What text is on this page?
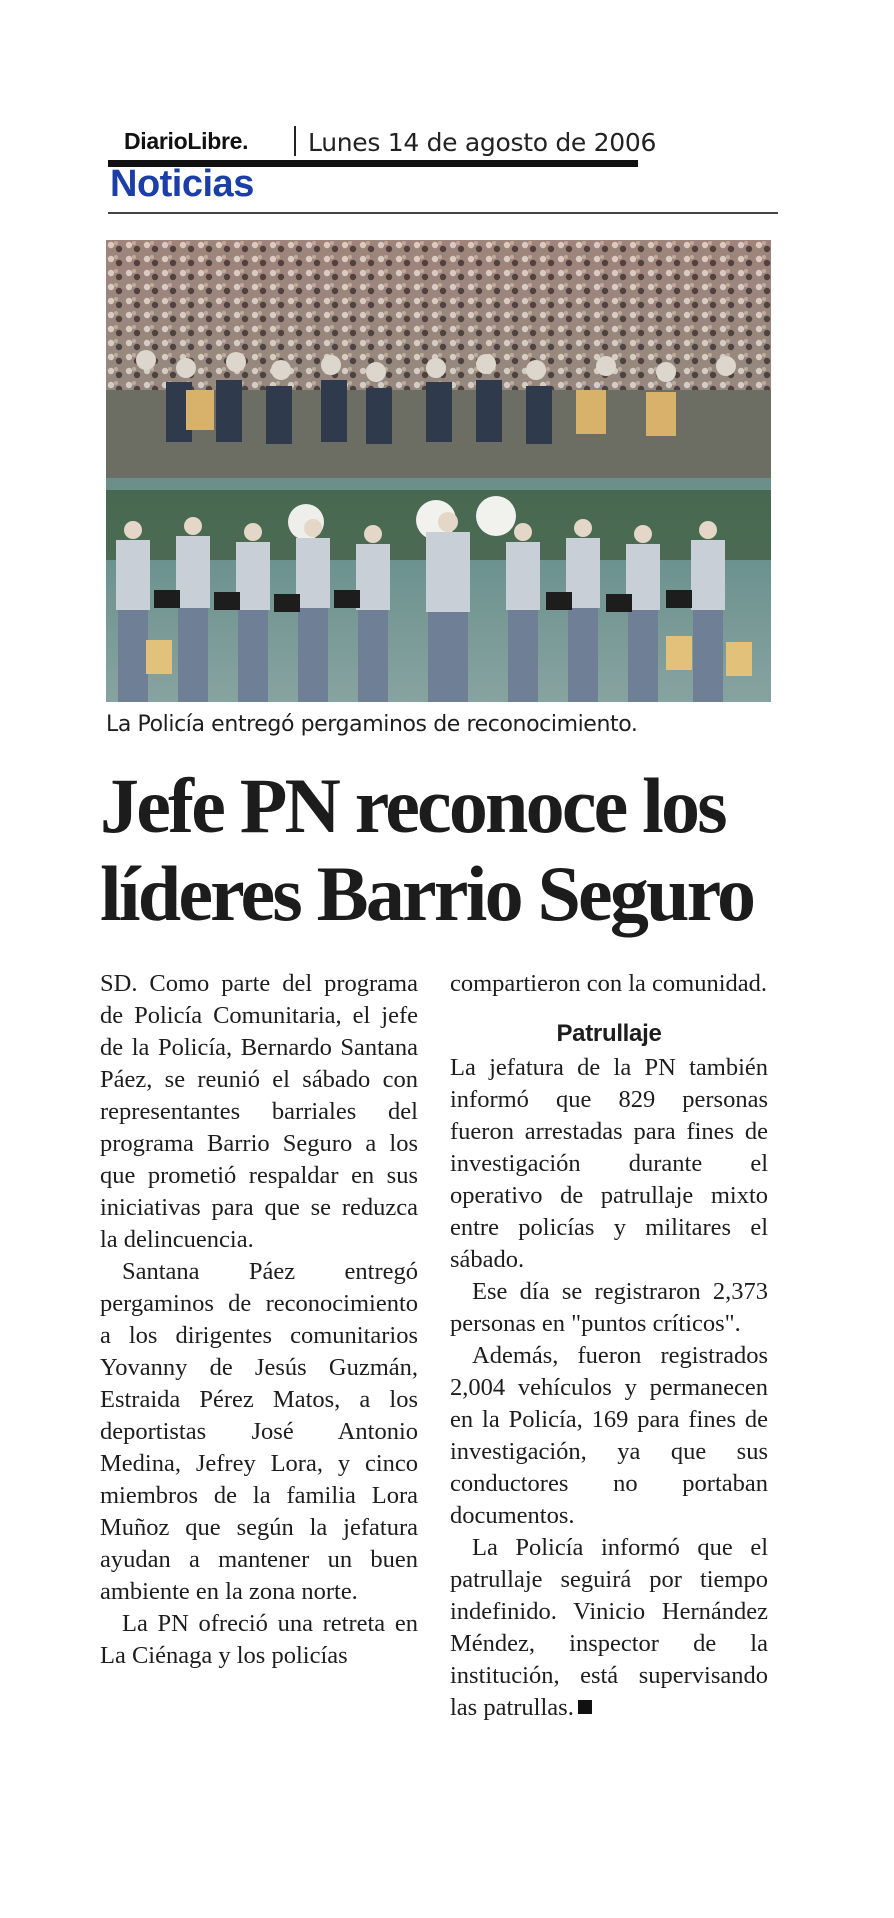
DiarioLibre. Lunes 14 de agosto de 2006
Noticias
La Policía entregó pergaminos de reconocimiento.
Jefe PN reconoce los
líderes Barrio Seguro

SD. Como parte del programa de Policía Comunitaria, el jefe de la Policía, Bernardo Santana Páez, se reunió el sábado con representantes barriales del programa Barrio Seguro a los que prometió respaldar en sus iniciativas para que se reduzca la delincuencia.

Santana Páez entregó pergaminos de reconocimiento a los dirigentes comunitarios Yovanny de Jesús Guzmán, Estraida Pérez Matos, a los deportistas José Antonio Medina, Jefrey Lora, y cinco miembros de la familia Lora Muñoz que según la jefatura ayudan a mantener un buen ambiente en la zona norte.

La PN ofreció una retreta en La Ciénaga y los policías

compartieron con la comunidad.

Patrullaje

La jefatura de la PN también informó que 829 personas fueron arrestadas para fines de investigación durante el operativo de patrullaje mixto entre policías y militares el sábado.

Ese día se registraron 2,373 personas en "puntos críticos".

Además, fueron registrados 2,004 vehículos y permanecen en la Policía, 169 para fines de investigación, ya que sus conductores no portaban documentos.

La Policía informó que el patrullaje seguirá por tiempo indefinido. Vinicio Hernández Méndez, inspector de la institución, está supervisando las patrullas.
